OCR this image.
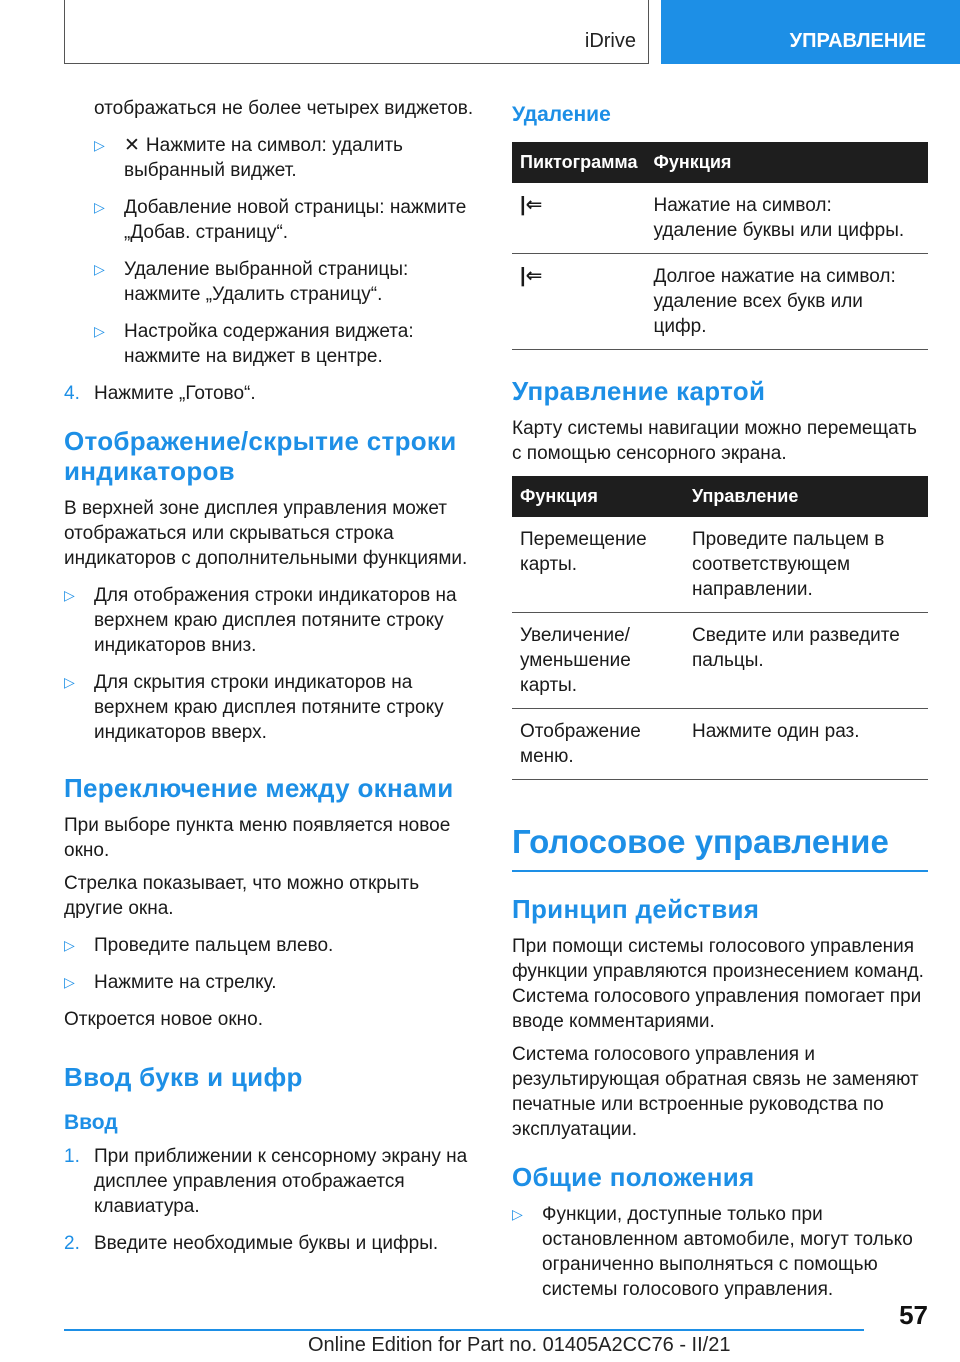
iDrive	УПРАВЛЕНИЕ

отображаться не более четырех виджетов.

▷ ✕ Нажмите на символ: удалить выбранный виджет.
▷ Добавление новой страницы: нажмите „Добав. страницу“.
▷ Удаление выбранной страницы: нажмите „Удалить страницу“.
▷ Настройка содержания виджета: нажмите на виджет в центре.
4. Нажмите „Готово“.
Отображение/скрытие строки индикаторов

В верхней зоне дисплея управления может отображаться или скрываться строка индикаторов с дополнительными функциями.

▷ Для отображения строки индикаторов на верхнем краю дисплея потяните строку индикаторов вниз.
▷ Для скрытия строки индикаторов на верхнем краю дисплея потяните строку индикаторов вверх.
Переключение между окнами

При выборе пункта меню появляется новое окно.

Стрелка показывает, что можно открыть другие окна.

▷ Проведите пальцем влево.
▷ Нажмите на стрелку.

Откроется новое окно.

Ввод букв и цифр
Ввод
1. При приближении к сенсорному экрану на дисплее управления отображается клавиатура.
2. Введите необходимые буквы и цифры.
Удаление
Пиктограмма	Функция
|⇐	Нажатие на символ: удаление буквы или цифры.
|⇐	Долгое нажатие на символ: удаление всех букв или цифр.
Управление картой

Карту системы навигации можно перемещать с помощью сенсорного экрана.

Функция	Управление
Перемещение карты.	Проведите пальцем в соответствующем направлении.
Увеличение/уменьшение карты.	Сведите или разведите пальцы.
Отображение меню.	Нажмите один раз.
Голосовое управление
Принцип действия

При помощи системы голосового управления функции управляются произнесением команд. Система голосового управления помогает при вводе комментариями.

Система голосового управления и результирующая обратная связь не заменяют печатные или встроенные руководства по эксплуатации.

Общие положения
▷ Функции, доступные только при остановленном автомобиле, могут только ограниченно выполняться с помощью системы голосового управления.
57
Online Edition for Part no. 01405A2CC76 - II/21
